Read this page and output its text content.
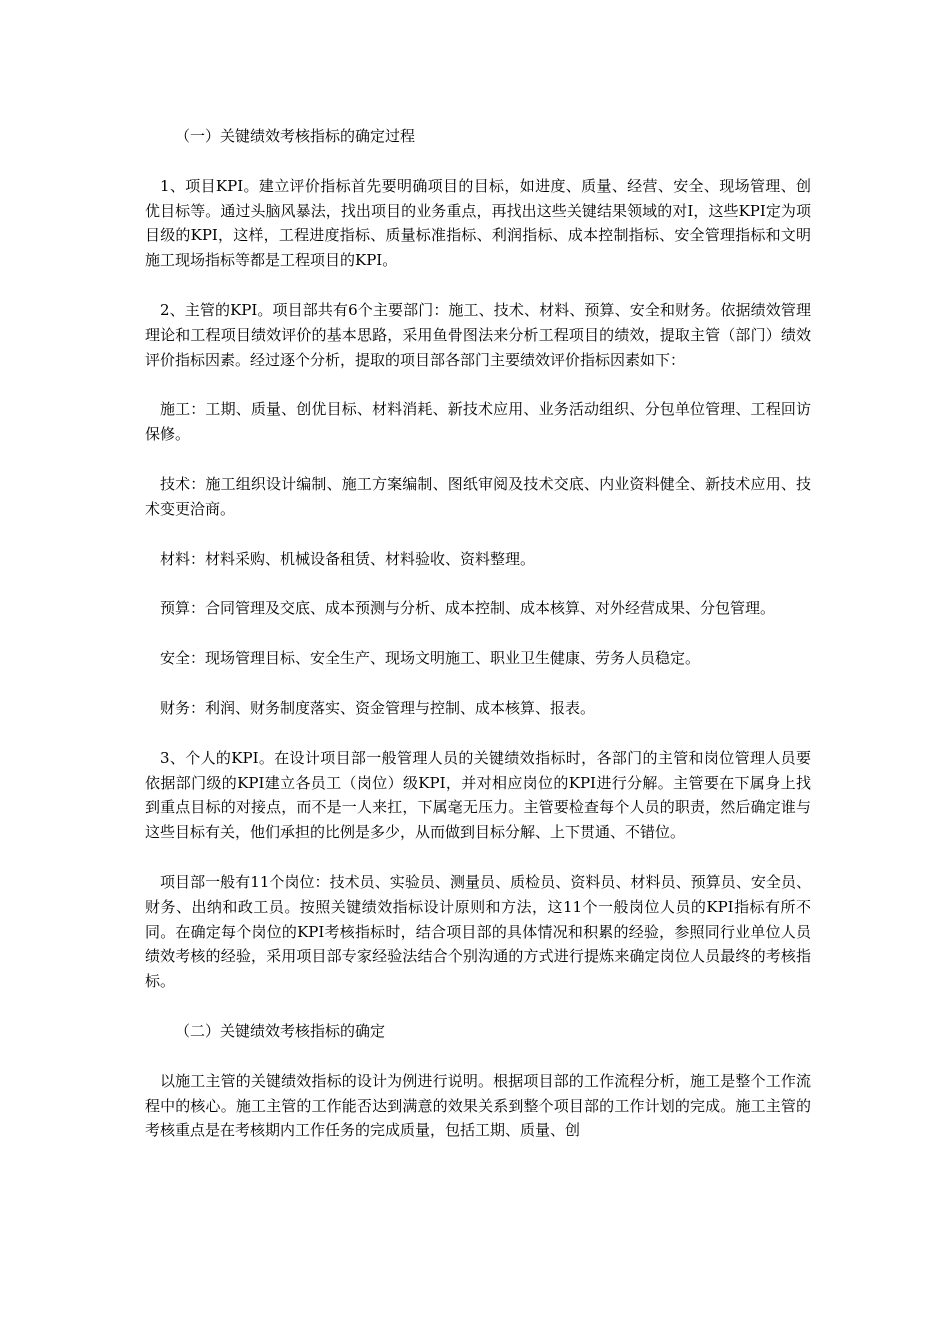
（一）关键绩效考核指标的确定过程

1、项目KPI。建立评价指标首先要明确项目的目标，如进度、质量、经营、安全、现场管理、创优目标等。通过头脑风暴法，找出项目的业务重点，再找出这些关键结果领域的对I，这些KPI定为项目级的KPI，这样，工程进度指标、质量标准指标、利润指标、成本控制指标、安全管理指标和文明施工现场指标等都是工程项目的KPI。

2、主管的KPI。项目部共有6个主要部门：施工、技术、材料、预算、安全和财务。依据绩效管理理论和工程项目绩效评价的基本思路，采用鱼骨图法来分析工程项目的绩效，提取主管（部门）绩效评价指标因素。经过逐个分析，提取的项目部各部门主要绩效评价指标因素如下：

施工：工期、质量、创优目标、材料消耗、新技术应用、业务活动组织、分包单位管理、工程回访保修。

技术：施工组织设计编制、施工方案编制、图纸审阅及技术交底、内业资料健全、新技术应用、技术变更洽商。

材料：材料采购、机械设备租赁、材料验收、资料整理。

预算：合同管理及交底、成本预测与分析、成本控制、成本核算、对外经营成果、分包管理。

安全：现场管理目标、安全生产、现场文明施工、职业卫生健康、劳务人员稳定。

财务：利润、财务制度落实、资金管理与控制、成本核算、报表。

3、个人的KPI。在设计项目部一般管理人员的关键绩效指标时，各部门的主管和岗位管理人员要依据部门级的KPI建立各员工（岗位）级KPI，并对相应岗位的KPI进行分解。主管要在下属身上找到重点目标的对接点，而不是一人来扛，下属毫无压力。主管要检查每个人员的职责，然后确定谁与这些目标有关，他们承担的比例是多少，从而做到目标分解、上下贯通、不错位。

项目部一般有11个岗位：技术员、实验员、测量员、质检员、资料员、材料员、预算员、安全员、财务、出纳和政工员。按照关键绩效指标设计原则和方法，这11个一般岗位人员的KPI指标有所不同。在确定每个岗位的KPI考核指标时，结合项目部的具体情况和积累的经验，参照同行业单位人员绩效考核的经验，采用项目部专家经验法结合个别沟通的方式进行提炼来确定岗位人员最终的考核指标。

（二）关键绩效考核指标的确定

以施工主管的关键绩效指标的设计为例进行说明。根据项目部的工作流程分析，施工是整个工作流程中的核心。施工主管的工作能否达到满意的效果关系到整个项目部的工作计划的完成。施工主管的考核重点是在考核期内工作任务的完成质量，包括工期、质量、创
